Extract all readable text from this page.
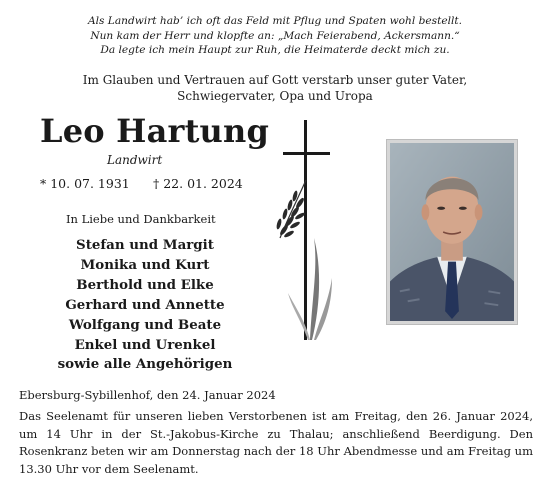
Als Landwirt hab’ ich oft das Feld mit Pflug und Spaten wohl bestellt.
Nun kam der Herr und klopfte an: „Mach Feierabend, Ackersmann.“
Da legte ich mein Haupt zur Ruh, die Heimaterde deckt mich zu.
Im Glauben und Vertrauen auf Gott verstarb unser guter Vater,
Schwiegervater, Opa und Uropa
Leo Hartung
Landwirt
* 10. 07. 1931 † 22. 01. 2024
In Liebe und Dankbarkeit
Stefan und Margit
Monika und Kurt
Berthold und Elke
Gerhard und Annette
Wolfgang und Beate
Enkel und Urenkel
sowie alle Angehörigen
Ebersburg-Sybillenhof, den 24. Januar 2024
Das Seelenamt für unseren lieben Verstorbenen ist am Freitag, den 26. Januar 2024, um 14 Uhr in der St.-Jakobus-Kirche zu Thalau; anschließend Beerdigung. Den Rosenkranz beten wir am Donnerstag nach der 18 Uhr Abendmesse und am Freitag um 13.30 Uhr vor dem Seelenamt.
